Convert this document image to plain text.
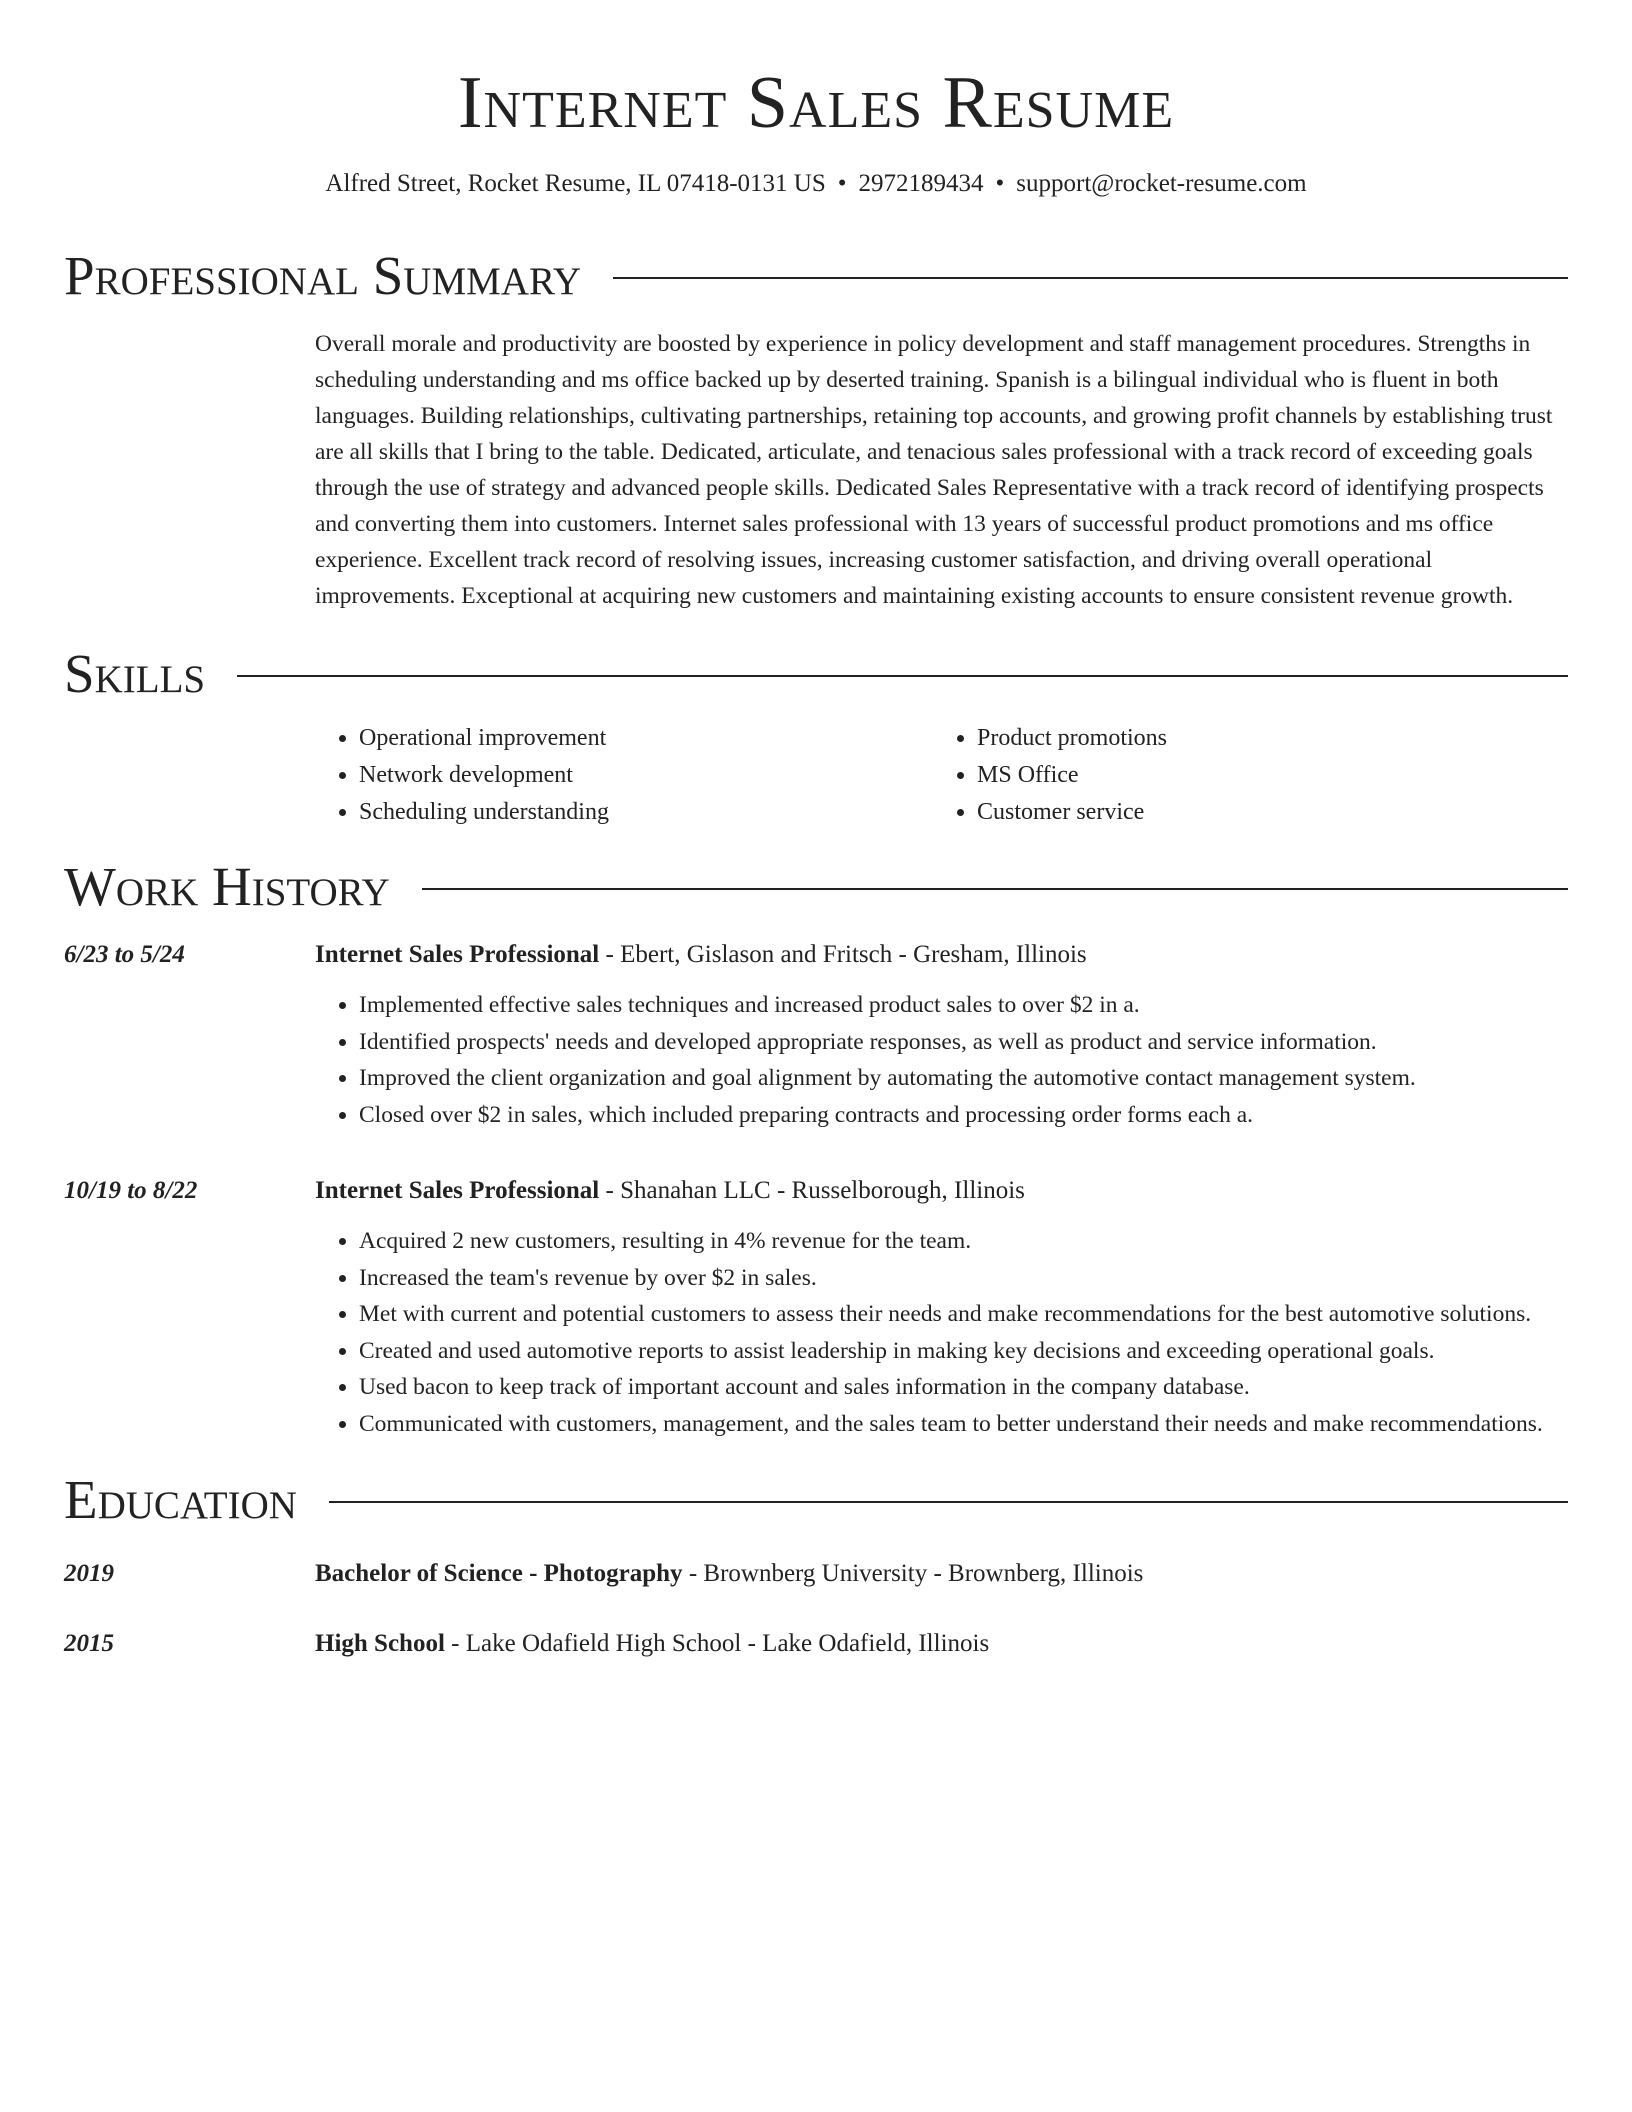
Internet Sales Resume
Alfred Street, Rocket Resume, IL 07418-0131 US • 2972189434 • support@rocket-resume.com
Professional Summary
Overall morale and productivity are boosted by experience in policy development and staff management procedures. Strengths in scheduling understanding and ms office backed up by deserted training. Spanish is a bilingual individual who is fluent in both languages. Building relationships, cultivating partnerships, retaining top accounts, and growing profit channels by establishing trust are all skills that I bring to the table. Dedicated, articulate, and tenacious sales professional with a track record of exceeding goals through the use of strategy and advanced people skills. Dedicated Sales Representative with a track record of identifying prospects and converting them into customers. Internet sales professional with 13 years of successful product promotions and ms office experience. Excellent track record of resolving issues, increasing customer satisfaction, and driving overall operational improvements. Exceptional at acquiring new customers and maintaining existing accounts to ensure consistent revenue growth.
Skills
• Operational improvement
• Network development
• Scheduling understanding
• Product promotions
• MS Office
• Customer service
Work History
6/23 to 5/24	Internet Sales Professional - Ebert, Gislason and Fritsch - Gresham, Illinois
• Implemented effective sales techniques and increased product sales to over $2 in a.
• Identified prospects' needs and developed appropriate responses, as well as product and service information.
• Improved the client organization and goal alignment by automating the automotive contact management system.
• Closed over $2 in sales, which included preparing contracts and processing order forms each a.
10/19 to 8/22	Internet Sales Professional - Shanahan LLC - Russelborough, Illinois
• Acquired 2 new customers, resulting in 4% revenue for the team.
• Increased the team's revenue by over $2 in sales.
• Met with current and potential customers to assess their needs and make recommendations for the best automotive solutions.
• Created and used automotive reports to assist leadership in making key decisions and exceeding operational goals.
• Used bacon to keep track of important account and sales information in the company database.
• Communicated with customers, management, and the sales team to better understand their needs and make recommendations.
Education
2019	Bachelor of Science - Photography - Brownberg University - Brownberg, Illinois
2015	High School - Lake Odafield High School - Lake Odafield, Illinois
